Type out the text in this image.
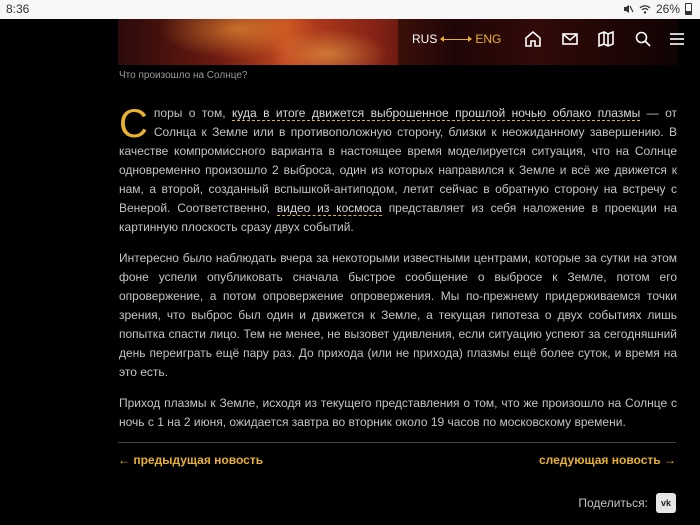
8:36	26%
RUS	ENG
Что произошло на Солнце?

Споры о том, куда в итоге движется выброшенное прошлой ночью облако плазмы — от Солнца к Земле или в противоположную сторону, близки к неожиданному завершению. В качестве компромиссного варианта в настоящее время моделируется ситуация, что на Солнце одновременно произошло 2 выброса, один из которых направился к Земле и всё же движется к нам, а второй, созданный вспышкой-антиподом, летит сейчас в обратную сторону на встречу с Венерой. Соответственно, видео из космоса представляет из себя наложение в проекции на картинную плоскость сразу двух событий.

Интересно было наблюдать вчера за некоторыми известными центрами, которые за сутки на этом фоне успели опубликовать сначала быстрое сообщение о выбросе к Земле, потом его опровержение, а потом опровержение опровержения. Мы по-прежнему придерживаемся точки зрения, что выброс был один и движется к Земле, а текущая гипотеза о двух событиях лишь попытка спасти лицо. Тем не менее, не вызовет удивления, если ситуацию успеют за сегодняшний день переиграть ещё пару раз. До прихода (или не прихода) плазмы ещё более суток, и время на это есть.

Приход плазмы к Земле, исходя из текущего представления о том, что же произошло на Солнце с ночь с 1 на 2 июня, ожидается завтра во вторник около 19 часов по московскому времени.

← предыдущая новость	следующая новость →
Поделиться:	vk
